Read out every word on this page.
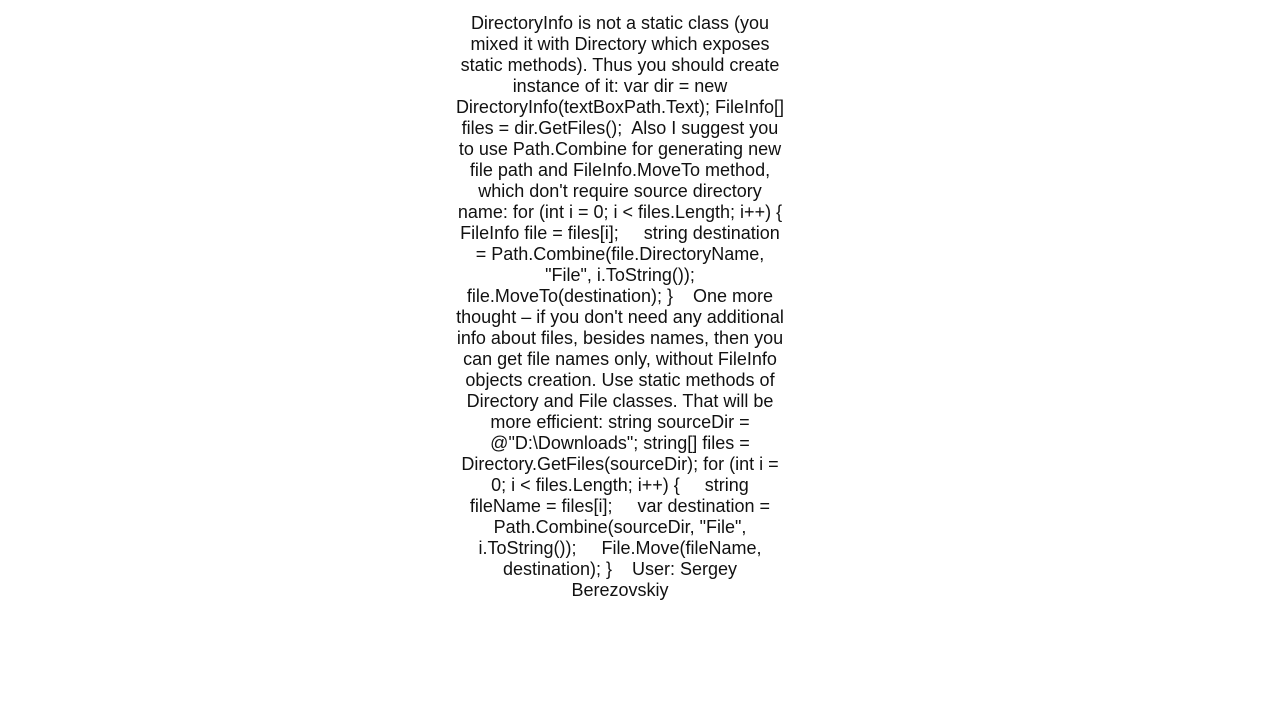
DirectoryInfo is not a static class (you mixed it with Directory which exposes static methods). Thus you should create instance of it: var dir = new DirectoryInfo(textBoxPath.Text); FileInfo[] files = dir.GetFiles();  Also I suggest you to use Path.Combine for generating new file path and FileInfo.MoveTo method, which don't require source directory name: for (int i = 0; i < files.Length; i++) {     FileInfo file = files[i];     string destination = Path.Combine(file.DirectoryName, "File", i.ToString());     file.MoveTo(destination); }    One more thought – if you don't need any additional info about files, besides names, then you can get file names only, without FileInfo objects creation. Use static methods of Directory and File classes. That will be more efficient: string sourceDir = @"D:\Downloads"; string[] files = Directory.GetFiles(sourceDir); for (int i = 0; i < files.Length; i++) {     string fileName = files[i];     var destination = Path.Combine(sourceDir, "File", i.ToString());     File.Move(fileName, destination); }    User: Sergey Berezovskiy
